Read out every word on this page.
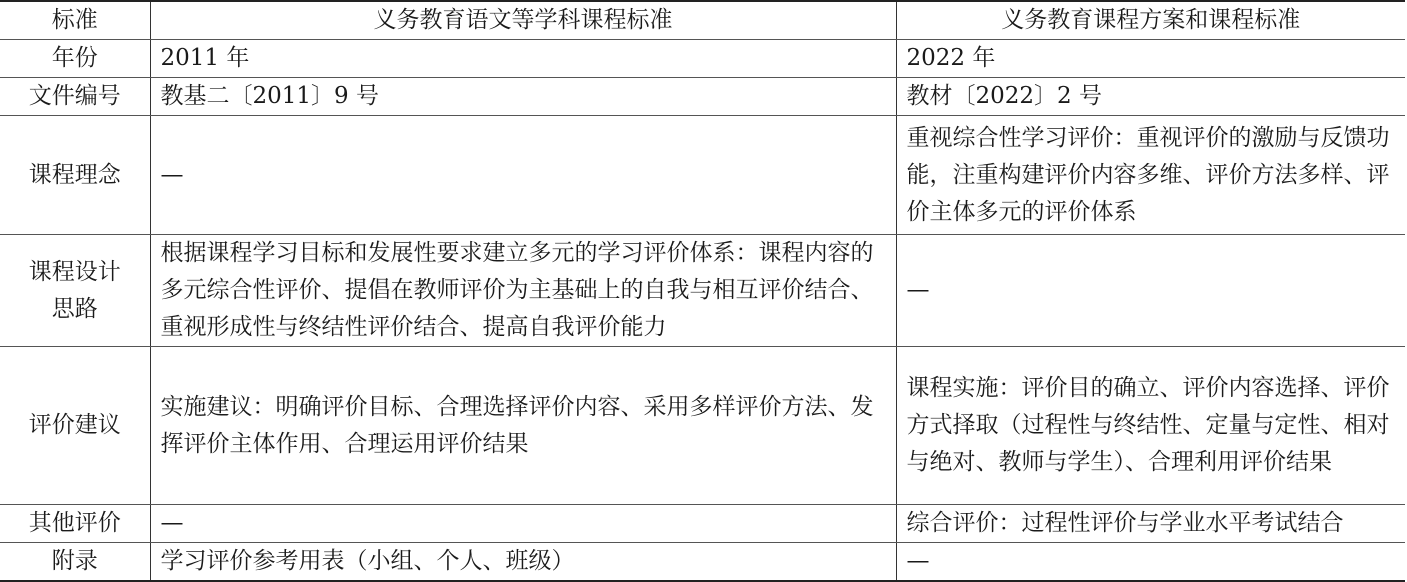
标准	义务教育语文等学科课程标准	义务教育课程方案和课程标准
年份	2011 年	2022 年
文件编号	教基二〔2011〕9 号	教材〔2022〕2 号
课程理念	—	重视综合性学习评价：重视评价的激励与反馈功能，注重构建评价内容多维、评价方法多样、评价主体多元的评价体系
课程设计思路	根据课程学习目标和发展性要求建立多元的学习评价体系：课程内容的多元综合性评价、提倡在教师评价为主基础上的自我与相互评价结合、重视形成性与终结性评价结合、提高自我评价能力	—
评价建议	实施建议：明确评价目标、合理选择评价内容、采用多样评价方法、发挥评价主体作用、合理运用评价结果	课程实施：评价目的确立、评价内容选择、评价方式择取（过程性与终结性、定量与定性、相对与绝对、教师与学生）、合理利用评价结果
其他评价	—	综合评价：过程性评价与学业水平考试结合
附录	学习评价参考用表（小组、个人、班级）	—
